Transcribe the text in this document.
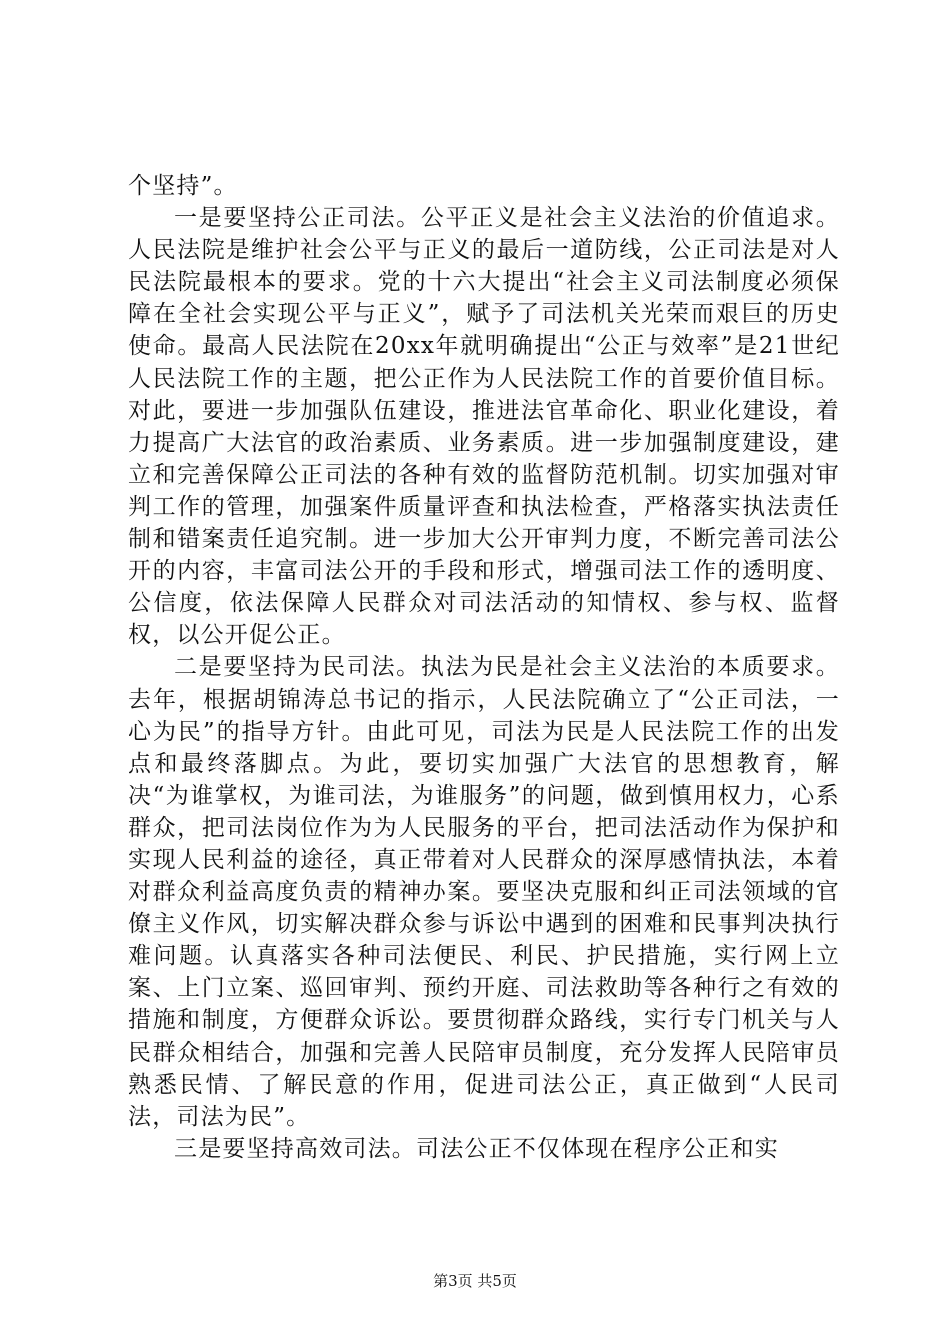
个坚持”。

一是要坚持公正司法。公平正义是社会主义法治的价值追求。人民法院是维护社会公平与正义的最后一道防线，公正司法是对人民法院最根本的要求。党的十六大提出“社会主义司法制度必须保障在全社会实现公平与正义”，赋予了司法机关光荣而艰巨的历史使命。最高人民法院在20xx年就明确提出“公正与效率”是21世纪人民法院工作的主题，把公正作为人民法院工作的首要价值目标。对此，要进一步加强队伍建设，推进法官革命化、职业化建设，着力提高广大法官的政治素质、业务素质。进一步加强制度建设，建立和完善保障公正司法的各种有效的监督防范机制。切实加强对审判工作的管理，加强案件质量评查和执法检查，严格落实执法责任制和错案责任追究制。进一步加大公开审判力度，不断完善司法公开的内容，丰富司法公开的手段和形式，增强司法工作的透明度、公信度，依法保障人民群众对司法活动的知情权、参与权、监督权，以公开促公正。

二是要坚持为民司法。执法为民是社会主义法治的本质要求。去年，根据胡锦涛总书记的指示，人民法院确立了“公正司法，一心为民”的指导方针。由此可见，司法为民是人民法院工作的出发点和最终落脚点。为此，要切实加强广大法官的思想教育，解决“为谁掌权，为谁司法，为谁服务”的问题，做到慎用权力，心系群众，把司法岗位作为为人民服务的平台，把司法活动作为保护和实现人民利益的途径，真正带着对人民群众的深厚感情执法，本着对群众利益高度负责的精神办案。要坚决克服和纠正司法领域的官僚主义作风，切实解决群众参与诉讼中遇到的困难和民事判决执行难问题。认真落实各种司法便民、利民、护民措施，实行网上立案、上门立案、巡回审判、预约开庭、司法救助等各种行之有效的措施和制度，方便群众诉讼。要贯彻群众路线，实行专门机关与人民群众相结合，加强和完善人民陪审员制度，充分发挥人民陪审员熟悉民情、了解民意的作用，促进司法公正，真正做到“人民司法，司法为民”。

三是要坚持高效司法。司法公正不仅体现在程序公正和实

第3页 共5页
